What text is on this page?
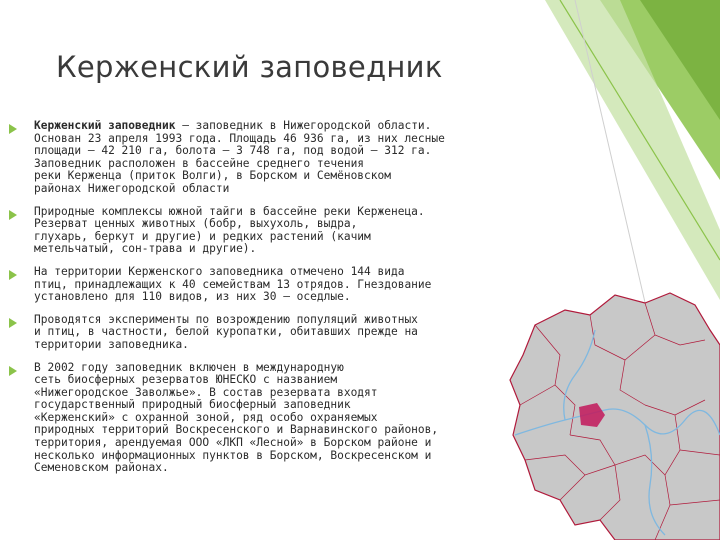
Керженский заповедник
Керженский заповедник — заповедник в Нижегородской области.
Основан 23 апреля 1993 года. Площадь 46 936 га, из них лесные
площади — 42 210 га, болота — 3 748 га, под водой — 312 га.
Заповедник расположен в бассейне среднего течения
реки Керженца (приток Волги), в Борском и Семёновском
районах Нижегородской области
Природные комплексы южной тайги в бассейне реки Керженеца.
Резерват ценных животных (бобр, выхухоль, выдра,
глухарь, беркут и другие) и редких растений (качим
метельчатый, сон-трава и другие).
На территории Керженского заповедника отмечено 144 вида
птиц, принадлежащих к 40 семействам 13 отрядов. Гнездование
установлено для 110 видов, из них 30 — оседлые.
Проводятся эксперименты по возрождению популяций животных
и птиц, в частности, белой куропатки, обитавших прежде на
территории заповедника.
В 2002 году заповедник включен в международную
сеть биосферных резерватов ЮНЕСКО с названием
«Нижегородское Заволжье». В состав резервата входят
государственный природный биосферный заповедник
«Керженский» с охранной зоной, ряд особо охраняемых
природных территорий Воскресенского и Варнавинского районов,
территория, арендуемая ООО «ЛКП «Лесной» в Борском районе и
несколько информационных пунктов в Борском, Воскресенском и
Семеновском районах.
